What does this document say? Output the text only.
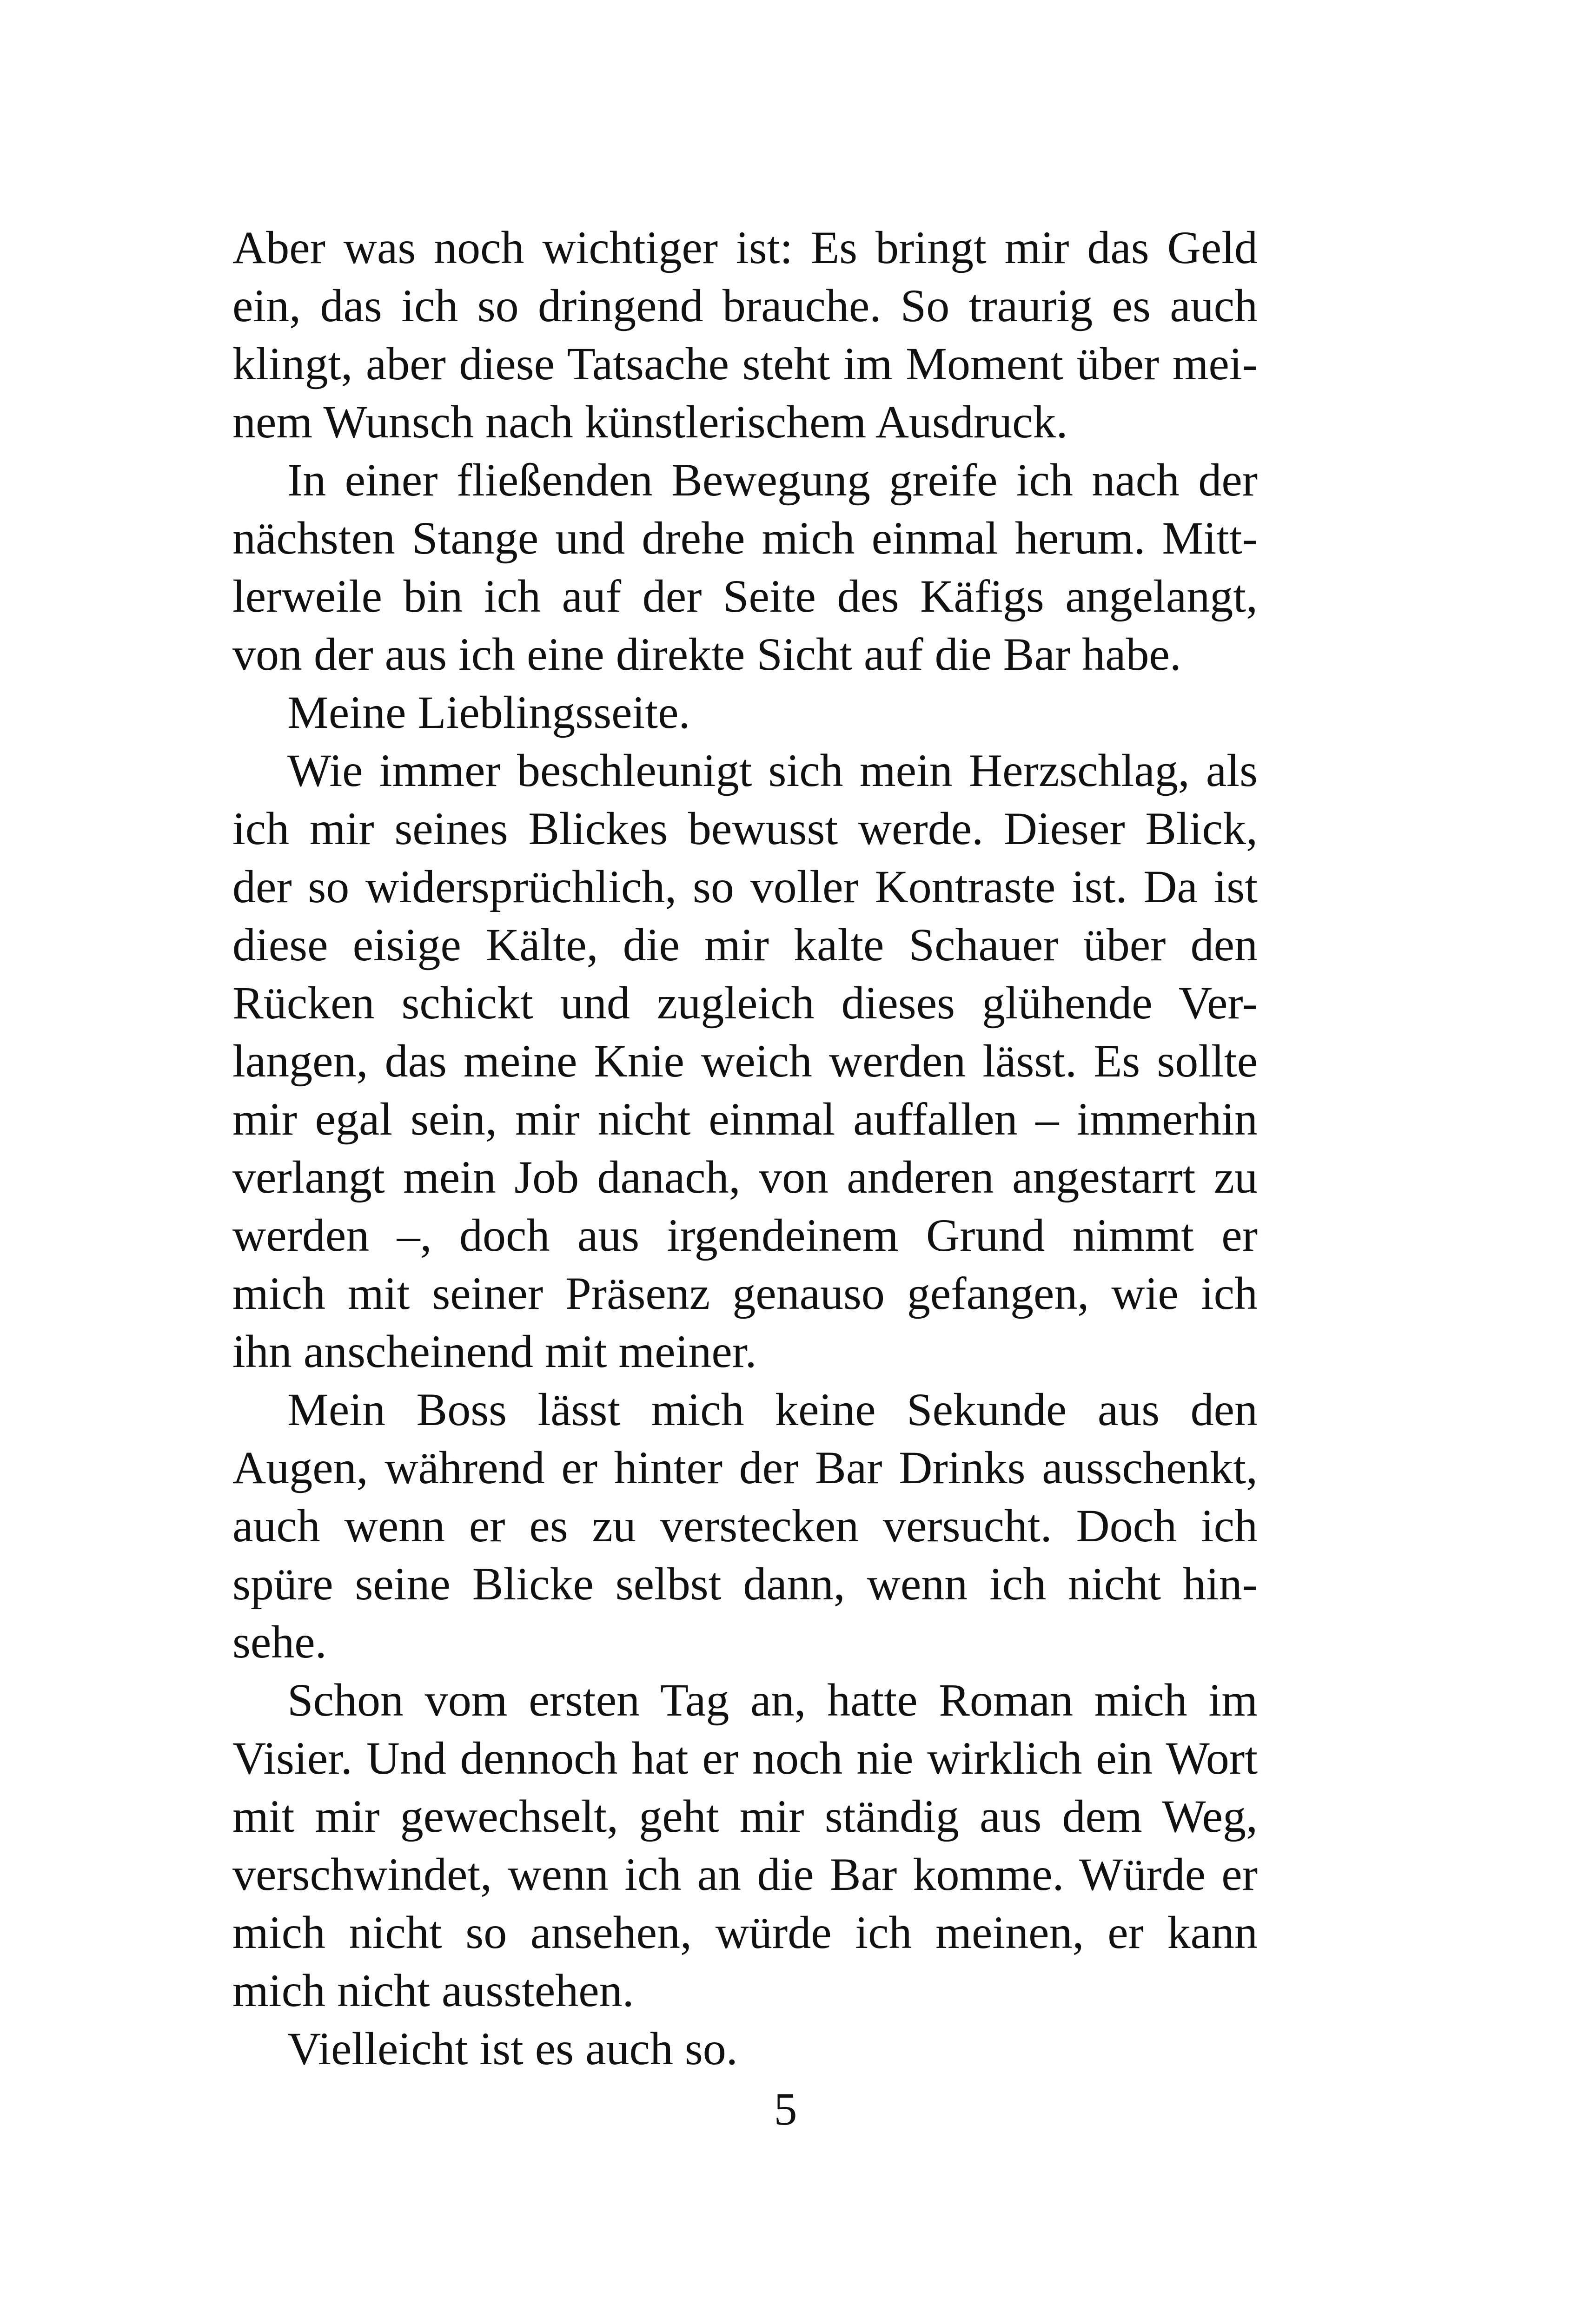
Aber was noch wichtiger ist: Es bringt mir das Geld
ein, das ich so dringend brauche. So traurig es auch
klingt, aber diese Tatsache steht im Moment über mei-
nem Wunsch nach künstlerischem Ausdruck.
In einer fließenden Bewegung greife ich nach der
nächsten Stange und drehe mich einmal herum. Mitt-
lerweile bin ich auf der Seite des Käfigs angelangt,
von der aus ich eine direkte Sicht auf die Bar habe.
Meine Lieblingsseite.
Wie immer beschleunigt sich mein Herzschlag, als
ich mir seines Blickes bewusst werde. Dieser Blick,
der so widersprüchlich, so voller Kontraste ist. Da ist
diese eisige Kälte, die mir kalte Schauer über den
Rücken schickt und zugleich dieses glühende Ver-
langen, das meine Knie weich werden lässt. Es sollte
mir egal sein, mir nicht einmal auffallen – immerhin
verlangt mein Job danach, von anderen angestarrt zu
werden –, doch aus irgendeinem Grund nimmt er
mich mit seiner Präsenz genauso gefangen, wie ich
ihn anscheinend mit meiner.
Mein Boss lässt mich keine Sekunde aus den
Augen, während er hinter der Bar Drinks ausschenkt,
auch wenn er es zu verstecken versucht. Doch ich
spüre seine Blicke selbst dann, wenn ich nicht hin-
sehe.
Schon vom ersten Tag an, hatte Roman mich im
Visier. Und dennoch hat er noch nie wirklich ein Wort
mit mir gewechselt, geht mir ständig aus dem Weg,
verschwindet, wenn ich an die Bar komme. Würde er
mich nicht so ansehen, würde ich meinen, er kann
mich nicht ausstehen.
Vielleicht ist es auch so.
5
